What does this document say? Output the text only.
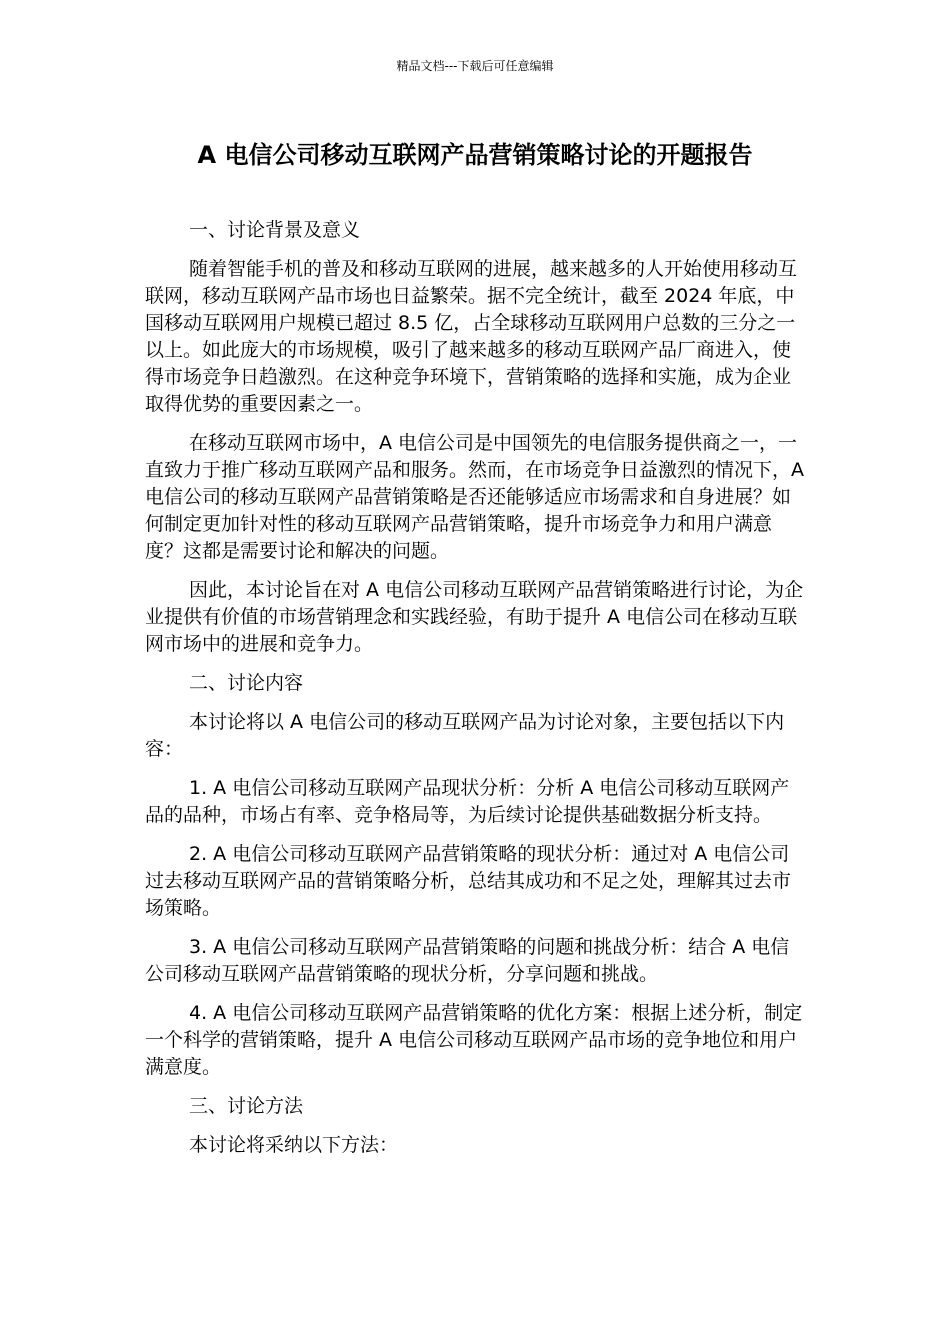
精品文档---下载后可任意编辑
A 电信公司移动互联网产品营销策略讨论的开题报告
一、讨论背景及意义
随着智能手机的普及和移动互联网的进展，越来越多的人开始使用移动互联网，移动互联网产品市场也日益繁荣。据不完全统计，截至 2024 年底，中国移动互联网用户规模已超过 8.5 亿，占全球移动互联网用户总数的三分之一以上。如此庞大的市场规模，吸引了越来越多的移动互联网产品厂商进入，使得市场竞争日趋激烈。在这种竞争环境下，营销策略的选择和实施，成为企业取得优势的重要因素之一。
在移动互联网市场中，A 电信公司是中国领先的电信服务提供商之一，一直致力于推广移动互联网产品和服务。然而，在市场竞争日益激烈的情况下，A 电信公司的移动互联网产品营销策略是否还能够适应市场需求和自身进展？如何制定更加针对性的移动互联网产品营销策略，提升市场竞争力和用户满意度？这都是需要讨论和解决的问题。
因此，本讨论旨在对 A 电信公司移动互联网产品营销策略进行讨论，为企业提供有价值的市场营销理念和实践经验，有助于提升 A 电信公司在移动互联网市场中的进展和竞争力。
二、讨论内容
本讨论将以 A 电信公司的移动互联网产品为讨论对象，主要包括以下内容：
1. A 电信公司移动互联网产品现状分析：分析 A 电信公司移动互联网产品的品种，市场占有率、竞争格局等，为后续讨论提供基础数据分析支持。
2. A 电信公司移动互联网产品营销策略的现状分析：通过对 A 电信公司过去移动互联网产品的营销策略分析，总结其成功和不足之处，理解其过去市场策略。
3. A 电信公司移动互联网产品营销策略的问题和挑战分析：结合 A 电信公司移动互联网产品营销策略的现状分析，分享问题和挑战。
4. A 电信公司移动互联网产品营销策略的优化方案：根据上述分析，制定一个科学的营销策略，提升 A 电信公司移动互联网产品市场的竞争地位和用户满意度。
三、讨论方法
本讨论将采纳以下方法：
